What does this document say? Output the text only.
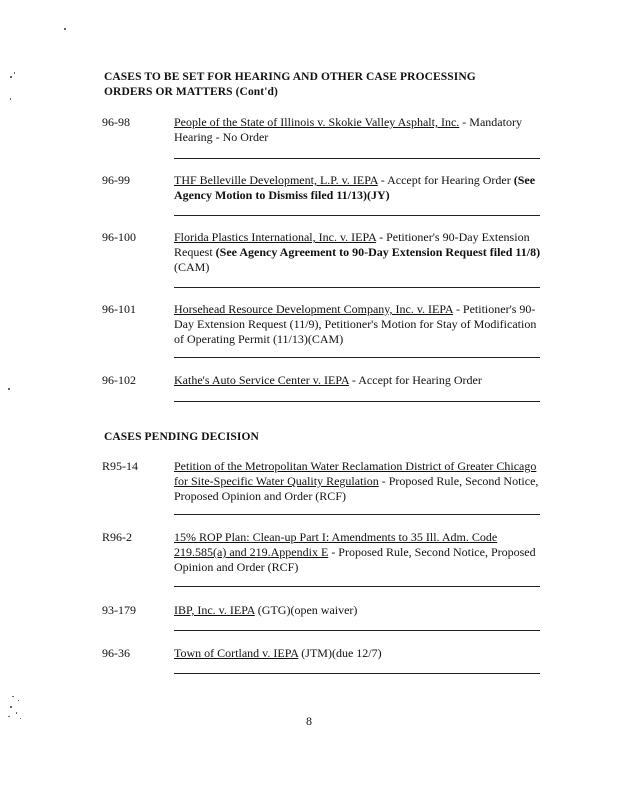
CASES TO BE SET FOR HEARING AND OTHER CASE PROCESSING
ORDERS OR MATTERS (Cont'd)
96-98	People of the State of Illinois v. Skokie Valley Asphalt, Inc. - Mandatory Hearing - No Order
96-99	THF Belleville Development, L.P. v. IEPA - Accept for Hearing Order (See Agency Motion to Dismiss filed 11/13)(JY)
96-100	Florida Plastics International, Inc. v. IEPA - Petitioner's 90-Day Extension Request (See Agency Agreement to 90-Day Extension Request filed 11/8) (CAM)
96-101	Horsehead Resource Development Company, Inc. v. IEPA - Petitioner's 90-Day Extension Request (11/9), Petitioner's Motion for Stay of Modification of Operating Permit (11/13)(CAM)
96-102	Kathe's Auto Service Center v. IEPA - Accept for Hearing Order
CASES PENDING DECISION
R95-14	Petition of the Metropolitan Water Reclamation District of Greater Chicago for Site-Specific Water Quality Regulation - Proposed Rule, Second Notice, Proposed Opinion and Order (RCF)
R96-2	15% ROP Plan: Clean-up Part I: Amendments to 35 Ill. Adm. Code 219.585(a) and 219.Appendix E - Proposed Rule, Second Notice, Proposed Opinion and Order (RCF)
93-179	IBP, Inc. v. IEPA (GTG)(open waiver)
96-36	Town of Cortland v. IEPA (JTM)(due 12/7)
8
